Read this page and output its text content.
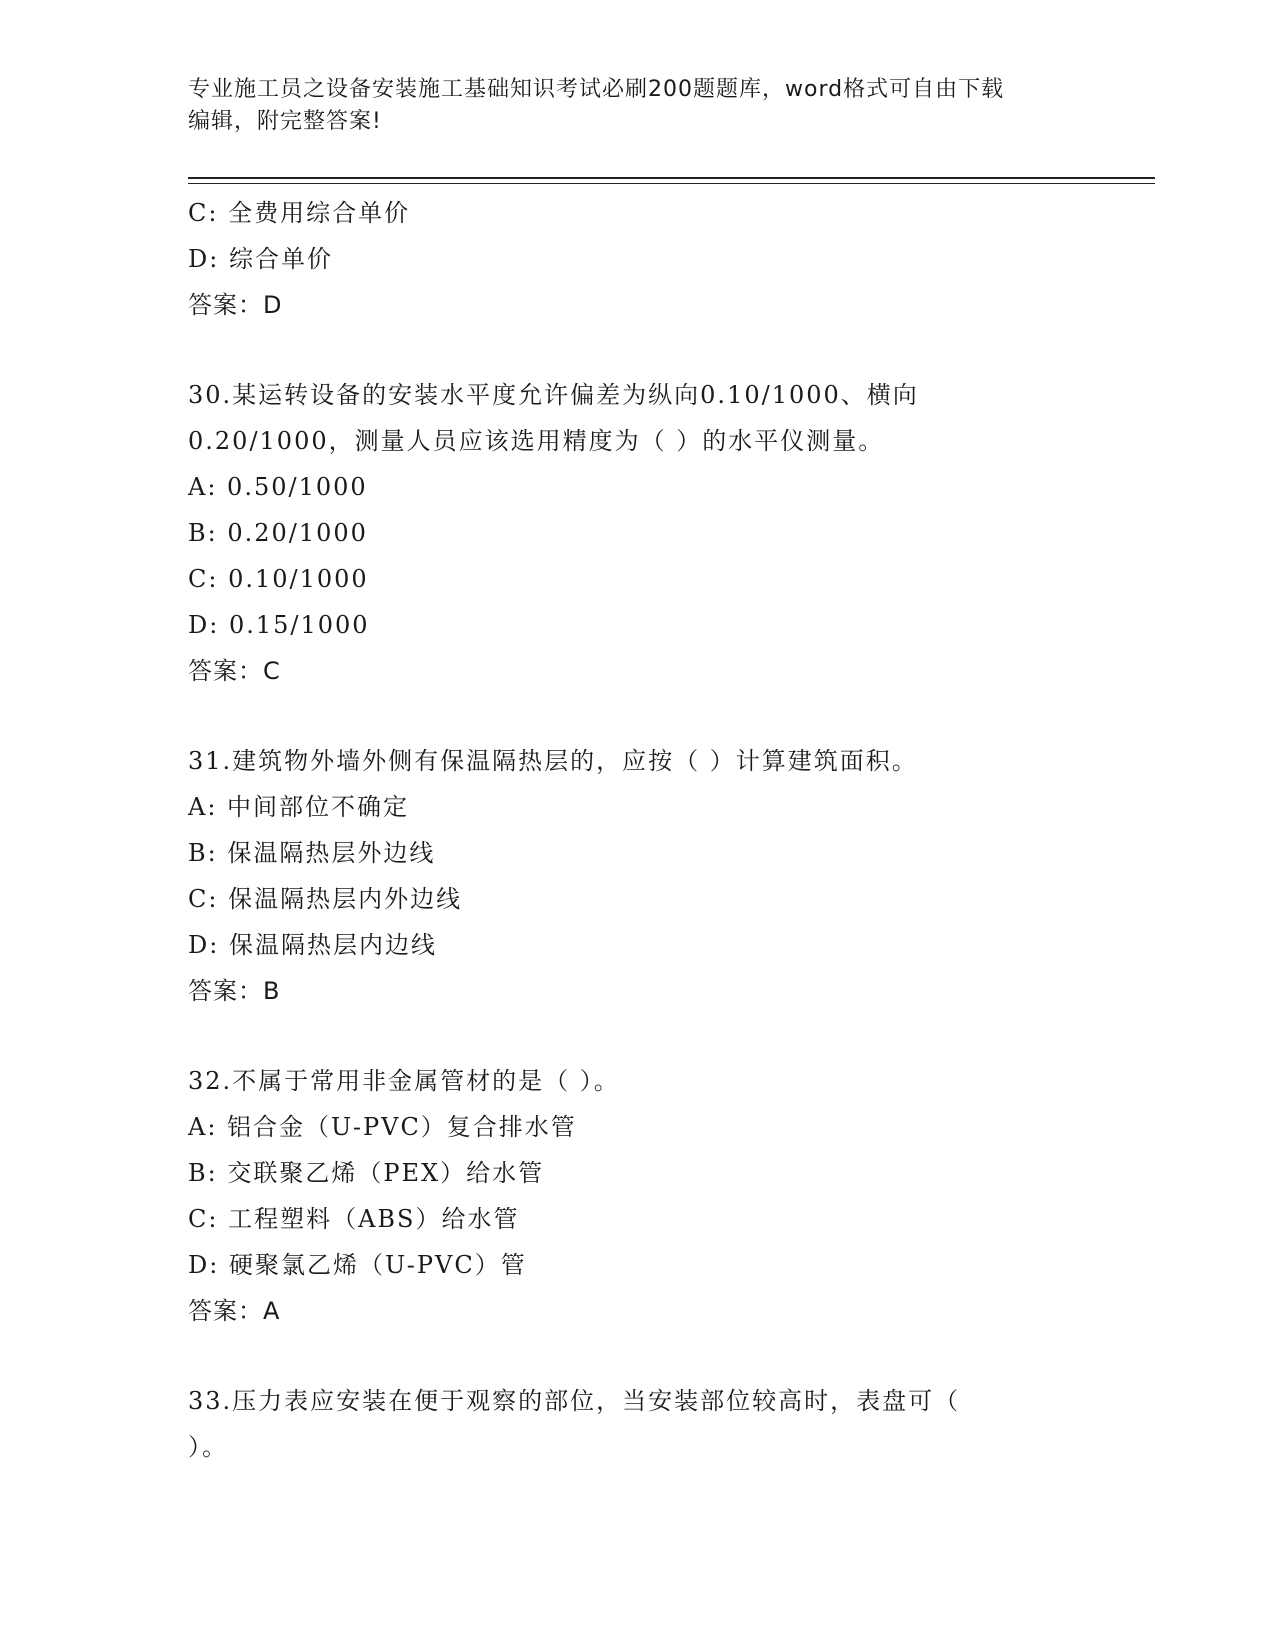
专业施工员之设备安装施工基础知识考试必刷200题题库，word格式可自由下载
编辑，附完整答案!
C: 全费用综合单价
D: 综合单价
答案：D
30.某运转设备的安装水平度允许偏差为纵向0.10/1000、横向
0.20/1000，测量人员应该选用精度为（ ）的水平仪测量。
A: 0.50/1000
B: 0.20/1000
C: 0.10/1000
D: 0.15/1000
答案：C
31.建筑物外墙外侧有保温隔热层的，应按（ ）计算建筑面积。
A: 中间部位不确定
B: 保温隔热层外边线
C: 保温隔热层内外边线
D: 保温隔热层内边线
答案：B
32.不属于常用非金属管材的是（ ）。
A: 铝合金（U-PVC）复合排水管
B: 交联聚乙烯（PEX）给水管
C: 工程塑料（ABS）给水管
D: 硬聚氯乙烯（U-PVC）管
答案：A
33.压力表应安装在便于观察的部位，当安装部位较高时，表盘可（
）。
